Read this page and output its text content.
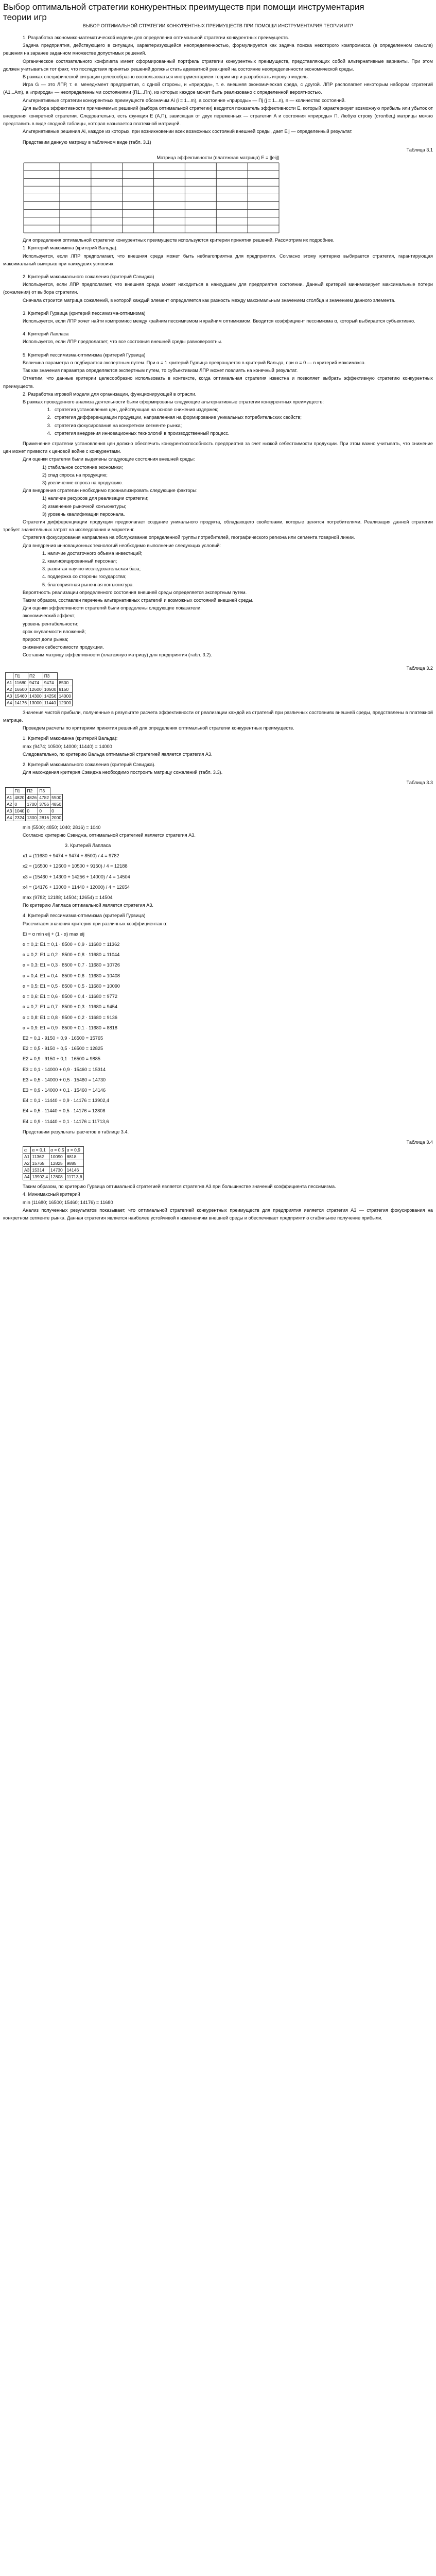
Выбор оптимальной стратегии конкурентных преимуществ при помощи инструментария теории игр
ВЫБОР ОПТИМАЛЬНОЙ СТРАТЕГИИ КОНКУРЕНТНЫХ ПРЕИМУЩЕСТВ ПРИ ПОМОЩИ ИНСТРУМЕНТАРИЯ ТЕОРИИ ИГР

1. Разработка экономико-математической модели для определения оптимальной стратегии конкурентных преимуществ.

Задача предприятия, действующего в ситуации, характеризующейся неопределенностью, формулируется как задача поиска некоторого компромисса (в определенном смысле) решения на заранее заданном множестве допустимых решений.

Органическое состязательного конфликта имеет сформированный портфель стратегии конкурентных преимуществ, представляющих собой альтернативные варианты. При этом должен учитываться тот факт, что последствия принятых решений должны стать адекватной реакцией на состояние неопределенности экономической среды.

В рамках специфической ситуации целесообразно воспользоваться инструментарием теории игр и разработать игровую модель.

Игра G — это ЛПР, т. е. менеджмент предприятия, с одной стороны, и «природа», т. е. внешняя экономическая среда, с другой. ЛПР располагает некоторым набором стратегий (A1...Am), а «природа» — неопределенными состояниями (П1...Пn), из которых каждое может быть реализовано с определенной вероятностью.

Альтернативные стратегии конкурентных преимуществ обозначим Ai (i = 1...m), а состояние «природы» — Пj (j = 1...n), n — количество состояний.

Для выбора эффективности применяемых решений (выбора оптимальной стратегии) вводится показатель эффективности Е, который характеризует возможную прибыль или убыток от внедрения конкретной стратегии. Следовательно, есть функция Е (A,П), зависящая от двух переменных — стратегии A и состояния «природы» П. Любую строку (столбец) матрицы можно представить в виде сводной таблицы, которая называется платежной матрицей.

Альтернативные решения Ai, каждое из которых, при возникновении всех возможных состояний внешней среды, дает Eij — определенный результат.

Представим данную матрицу в табличном виде (табл. 3.1)

Таблица 3.1

Матрица эффективности (платежная матрица) E = ||eij||

Для определения оптимальной стратегии конкурентных преимуществ используются критерии принятия решений. Рассмотрим их подробнее.

1. Критерий максимина (критерий Вальда).

Используется, если ЛПР предполагает, что внешняя среда может быть неблагоприятна для предприятия. Согласно этому критерию выбирается стратегия, гарантирующая максимальный выигрыш при наихудших условиях:

2. Критерий максимального сожаления (критерий Сэвиджа)

Используется, если ЛПР предполагает, что внешняя среда может находиться в наихудшем для предприятия состоянии. Данный критерий минимизирует максимальные потери (сожаления) от выбора стратегии.

Сначала строится матрица сожалений, в которой каждый элемент определяется как разность между максимальным значением столбца и значением данного элемента.

3. Критерий Гурвица (критерий пессимизма-оптимизма)

Используется, если ЛПР хочет найти компромисс между крайним пессимизмом и крайним оптимизмом. Вводится коэффициент пессимизма α, который выбирается субъективно.

4. Критерий Лапласа

Используется, если ЛПР предполагает, что все состояния внешней среды равновероятны.

5. Критерий пессимизма-оптимизма (критерий Гурвица)

Величина параметра α подбирается экспертным путем. При α = 1 критерий Гурвица превращается в критерий Вальда, при α = 0 — в критерий максимакса.

Так как значения параметра определяются экспертным путем, то субъективизм ЛПР может повлиять на конечный результат.

Отметим, что данные критерии целесообразно использовать в контексте, когда оптимальная стратегия известна и позволяет выбрать эффективную стратегию конкурентных преимуществ.

2. Разработка игровой модели для организации, функционирующей в отрасли.

В рамках проведенного анализа деятельности были сформированы следующие альтернативные стратегии конкурентных преимуществ:

1. стратегия установления цен, действующая на основе снижения издержек;
2. стратегия дифференциации продукции, направленная на формирование уникальных потребительских свойств;
3. стратегия фокусирования на конкретном сегменте рынка;
4. стратегия внедрения инновационных технологий в производственный процесс.

Применение стратегии установления цен должно обеспечить конкурентоспособность предприятия за счет низкой себестоимости продукции. При этом важно учитывать, что снижение цен может привести к ценовой войне с конкурентами.

Для оценки стратегии были выделены следующие состояния внешней среды:

1) стабильное состояние экономики;

2) спад спроса на продукцию;

3) увеличение спроса на продукцию.

Для внедрения стратегии необходимо проанализировать следующие факторы:

1) наличие ресурсов для реализации стратегии;

2) изменение рыночной конъюнктуры;

3) уровень квалификации персонала.

Стратегия дифференциации продукции предполагает создание уникального продукта, обладающего свойствами, которые ценятся потребителями. Реализация данной стратегии требует значительных затрат на исследования и маркетинг.

Стратегия фокусирования направлена на обслуживание определенной группы потребителей, географического региона или сегмента товарной линии.

Для внедрения инновационных технологий необходимо выполнение следующих условий:

1. наличие достаточного объема инвестиций;

2. квалифицированный персонал;

3. развитая научно-исследовательская база;

4. поддержка со стороны государства;

5. благоприятная рыночная конъюнктура.

Вероятность реализации определенного состояния внешней среды определяется экспертным путем.

Таким образом, составлен перечень альтернативных стратегий и возможных состояний внешней среды.

Для оценки эффективности стратегий были определены следующие показатели:

экономический эффект;

уровень рентабельности;

срок окупаемости вложений;

прирост доли рынка;

снижение себестоимости продукции.

Составим матрицу эффективности (платежную матрицу) для предприятия (табл. 3.2).

Таблица 3.2

	П1	П2	П3	
A1	11680	9474	9474	8500
A2	16500	12600	10500	9150
A3	15460	14300	14256	14000
A4	14176	13000	11440	12000

Значения чистой прибыли, полученные в результате расчета эффективности от реализации каждой из стратегий при различных состояниях внешней среды, представлены в платежной матрице.

Проведем расчеты по критериям принятия решений для определения оптимальной стратегии конкурентных преимуществ.

1. Критерий максимина (критерий Вальда):

max (9474; 10500; 14000; 11440) = 14000

Следовательно, по критерию Вальда оптимальной стратегией является стратегия А3.

2. Критерий максимального сожаления (критерий Сэвиджа).

Для нахождения критерия Сэвиджа необходимо построить матрицу сожалений (табл. 3.3).

Таблица 3.3

	П1	П2	П3	
A1	4820	4826	4782	5500
A2	0	1700	3756	4850
A3	1040	0	0	0
A4	2324	1300	2816	2000

min (5500; 4850; 1040; 2816) = 1040

Согласно критерию Сэвиджа, оптимальной стратегией является стратегия A3.

3. Критерий Лапласа

x1 = (11680 + 9474 + 9474 + 8500) / 4 = 9782

x2 = (16500 + 12600 + 10500 + 9150) / 4 = 12188

x3 = (15460 + 14300 + 14256 + 14000) / 4 = 14504

x4 = (14176 + 13000 + 11440 + 12000) / 4 = 12654

max (9782; 12188; 14504; 12654) = 14504

По критерию Лапласа оптимальной является стратегия A3.

4. Критерий пессимизма-оптимизма (критерий Гурвица)

Рассчитаем значения критерия при различных коэффициентах α:

Ei = α min eij + (1 - α) max eij

α = 0,1: E1 = 0,1 · 8500 + 0,9 · 11680 = 11362

α = 0,2: E1 = 0,2 · 8500 + 0,8 · 11680 = 11044

α = 0,3: E1 = 0,3 · 8500 + 0,7 · 11680 = 10726

α = 0,4: E1 = 0,4 · 8500 + 0,6 · 11680 = 10408

α = 0,5: E1 = 0,5 · 8500 + 0,5 · 11680 = 10090

α = 0,6: E1 = 0,6 · 8500 + 0,4 · 11680 = 9772

α = 0,7: E1 = 0,7 · 8500 + 0,3 · 11680 = 9454

α = 0,8: E1 = 0,8 · 8500 + 0,2 · 11680 = 9136

α = 0,9: E1 = 0,9 · 8500 + 0,1 · 11680 = 8818

E2 = 0,1 · 9150 + 0,9 · 16500 = 15765

E2 = 0,5 · 9150 + 0,5 · 16500 = 12825

E2 = 0,9 · 9150 + 0,1 · 16500 = 9885

E3 = 0,1 · 14000 + 0,9 · 15460 = 15314

E3 = 0,5 · 14000 + 0,5 · 15460 = 14730

E3 = 0,9 · 14000 + 0,1 · 15460 = 14146

E4 = 0,1 · 11440 + 0,9 · 14176 = 13902,4

E4 = 0,5 · 11440 + 0,5 · 14176 = 12808

E4 = 0,9 · 11440 + 0,1 · 14176 = 11713,6

Представим результаты расчетов в таблице 3.4.

Таблица 3.4

α	α = 0,1	α = 0,5	α = 0,9
A1	11362	10090	8818
A2	15765	12825	9885
A3	15314	14730	14146
A4	13902,4	12808	11713,6

Таким образом, по критерию Гурвица оптимальной стратегией является стратегия A3 при большинстве значений коэффициента пессимизма.

4. Минимаксный критерий

min (11680; 16500; 15460; 14176) = 11680

Анализ полученных результатов показывает, что оптимальной стратегией конкурентных преимуществ для предприятия является стратегия A3 — стратегия фокусирования на конкретном сегменте рынка. Данная стратегия является наиболее устойчивой к изменениям внешней среды и обеспечивает предприятию стабильное получение прибыли.
